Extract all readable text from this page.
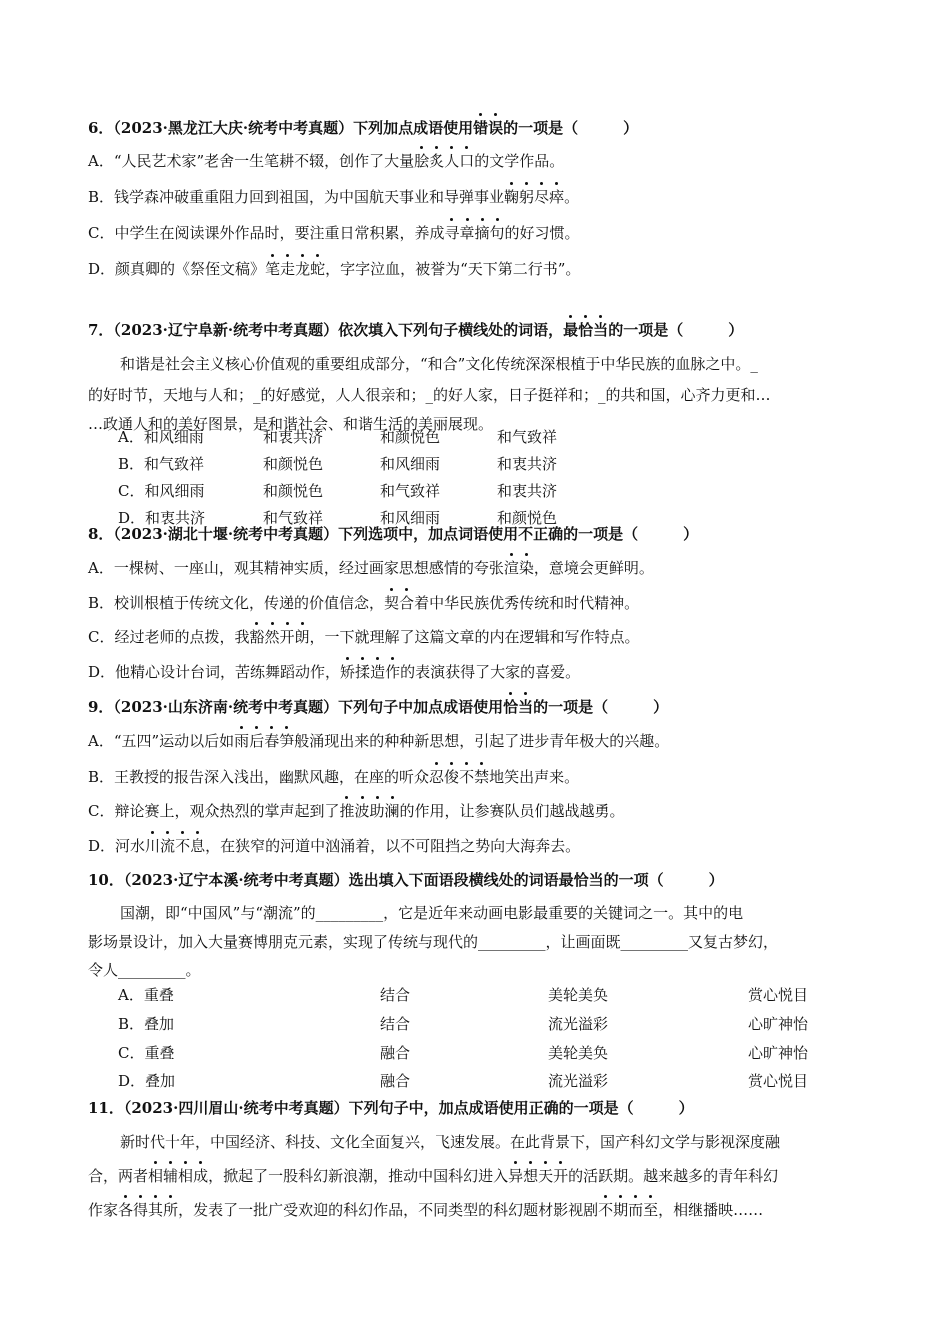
6．（2023·黑龙江大庆·统考中考真题）下列加点成语使用错误的一项是（　　　）
A．“人民艺术家”老舍一生笔耕不辍，创作了大量脍炙人口的文学作品。
B．钱学森冲破重重阻力回到祖国，为中国航天事业和导弹事业鞠躬尽瘁。
C．中学生在阅读课外作品时，要注重日常积累，养成寻章摘句的好习惯。
D．颜真卿的《祭侄文稿》笔走龙蛇，字字泣血，被誉为“天下第二行书”。
7．（2023·辽宁阜新·统考中考真题）依次填入下列句子横线处的词语，最恰当的一项是（　　　）
和谐是社会主义核心价值观的重要组成部分，“和合”文化传统深深根植于中华民族的血脉之中。_
的好时节，天地与人和；_的好感觉，人人很亲和；_的好人家，日子挺祥和；_的共和国，心齐力更和…
…政通人和的美好图景，是和谐社会、和谐生活的美丽展现。
A．和风细雨	和衷共济	和颜悦色	和气致祥
B．和气致祥	和颜悦色	和风细雨	和衷共济
C．和风细雨	和颜悦色	和气致祥	和衷共济
D．和衷共济	和气致祥	和风细雨	和颜悦色
8．（2023·湖北十堰·统考中考真题）下列选项中，加点词语使用不正确的一项是（　　　）
A．一棵树、一座山，观其精神实质，经过画家思想感情的夸张渲染，意境会更鲜明。
B．校训根植于传统文化，传递的价值信念，契合着中华民族优秀传统和时代精神。
C．经过老师的点拨，我豁然开朗，一下就理解了这篇文章的内在逻辑和写作特点。
D．他精心设计台词，苦练舞蹈动作，矫揉造作的表演获得了大家的喜爱。
9．（2023·山东济南·统考中考真题）下列句子中加点成语使用恰当的一项是（　　　）
A．“五四”运动以后如雨后春笋般涌现出来的种种新思想，引起了进步青年极大的兴趣。
B．王教授的报告深入浅出，幽默风趣，在座的听众忍俊不禁地笑出声来。
C．辩论赛上，观众热烈的掌声起到了推波助澜的作用，让参赛队员们越战越勇。
D．河水川流不息，在狭窄的河道中汹涌着，以不可阻挡之势向大海奔去。
10．（2023·辽宁本溪·统考中考真题）选出填入下面语段横线处的词语最恰当的一项（　　　）
国潮，即“中国风”与“潮流”的_________，它是近年来动画电影最重要的关键词之一。其中的电
影场景设计，加入大量赛博朋克元素，实现了传统与现代的_________，让画面既_________又复古梦幻，
令人_________。
A．重叠	结合	美轮美奂	赏心悦目
B．叠加	结合	流光溢彩	心旷神怡
C．重叠	融合	美轮美奂	心旷神怡
D．叠加	融合	流光溢彩	赏心悦目
11．（2023·四川眉山·统考中考真题）下列句子中，加点成语使用正确的一项是（　　　）
新时代十年，中国经济、科技、文化全面复兴，飞速发展。在此背景下，国产科幻文学与影视深度融
合，两者相辅相成，掀起了一股科幻新浪潮，推动中国科幻进入异想天开的活跃期。越来越多的青年科幻
作家各得其所，发表了一批广受欢迎的科幻作品，不同类型的科幻题材影视剧不期而至，相继播映……
